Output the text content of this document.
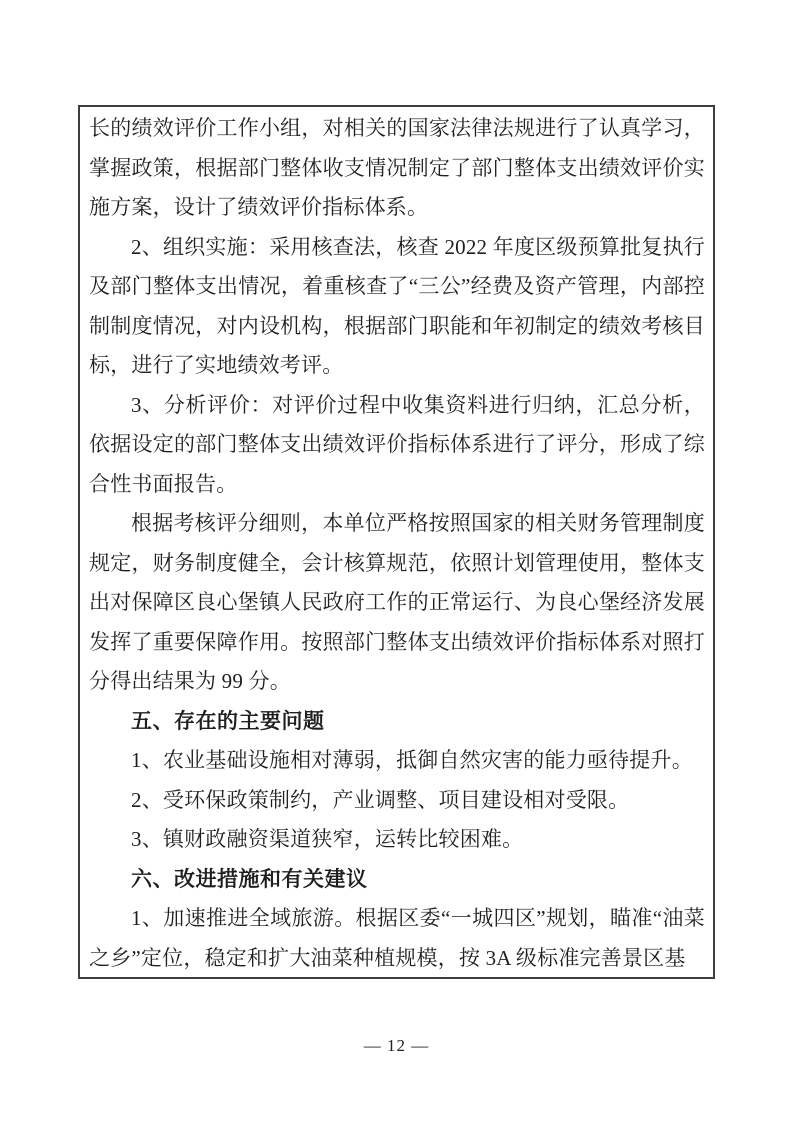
长的绩效评价工作小组，对相关的国家法律法规进行了认真学习，掌握政策，根据部门整体收支情况制定了部门整体支出绩效评价实施方案，设计了绩效评价指标体系。

2、组织实施：采用核查法，核查 2022 年度区级预算批复执行及部门整体支出情况，着重核查了“三公”经费及资产管理，内部控制制度情况，对内设机构，根据部门职能和年初制定的绩效考核目标，进行了实地绩效考评。

3、分析评价：对评价过程中收集资料进行归纳，汇总分析，依据设定的部门整体支出绩效评价指标体系进行了评分，形成了综合性书面报告。

根据考核评分细则，本单位严格按照国家的相关财务管理制度规定，财务制度健全，会计核算规范，依照计划管理使用，整体支出对保障区良心堡镇人民政府工作的正常运行、为良心堡经济发展发挥了重要保障作用。按照部门整体支出绩效评价指标体系对照打分得出结果为 99 分。

五、存在的主要问题

1、农业基础设施相对薄弱，抵御自然灾害的能力亟待提升。

2、受环保政策制约，产业调整、项目建设相对受限。

3、镇财政融资渠道狭窄，运转比较困难。

六、改进措施和有关建议

1、加速推进全域旅游。根据区委“一城四区”规划，瞄准“油菜之乡”定位，稳定和扩大油菜种植规模，按 3A 级标准完善景区基

— 12 —
